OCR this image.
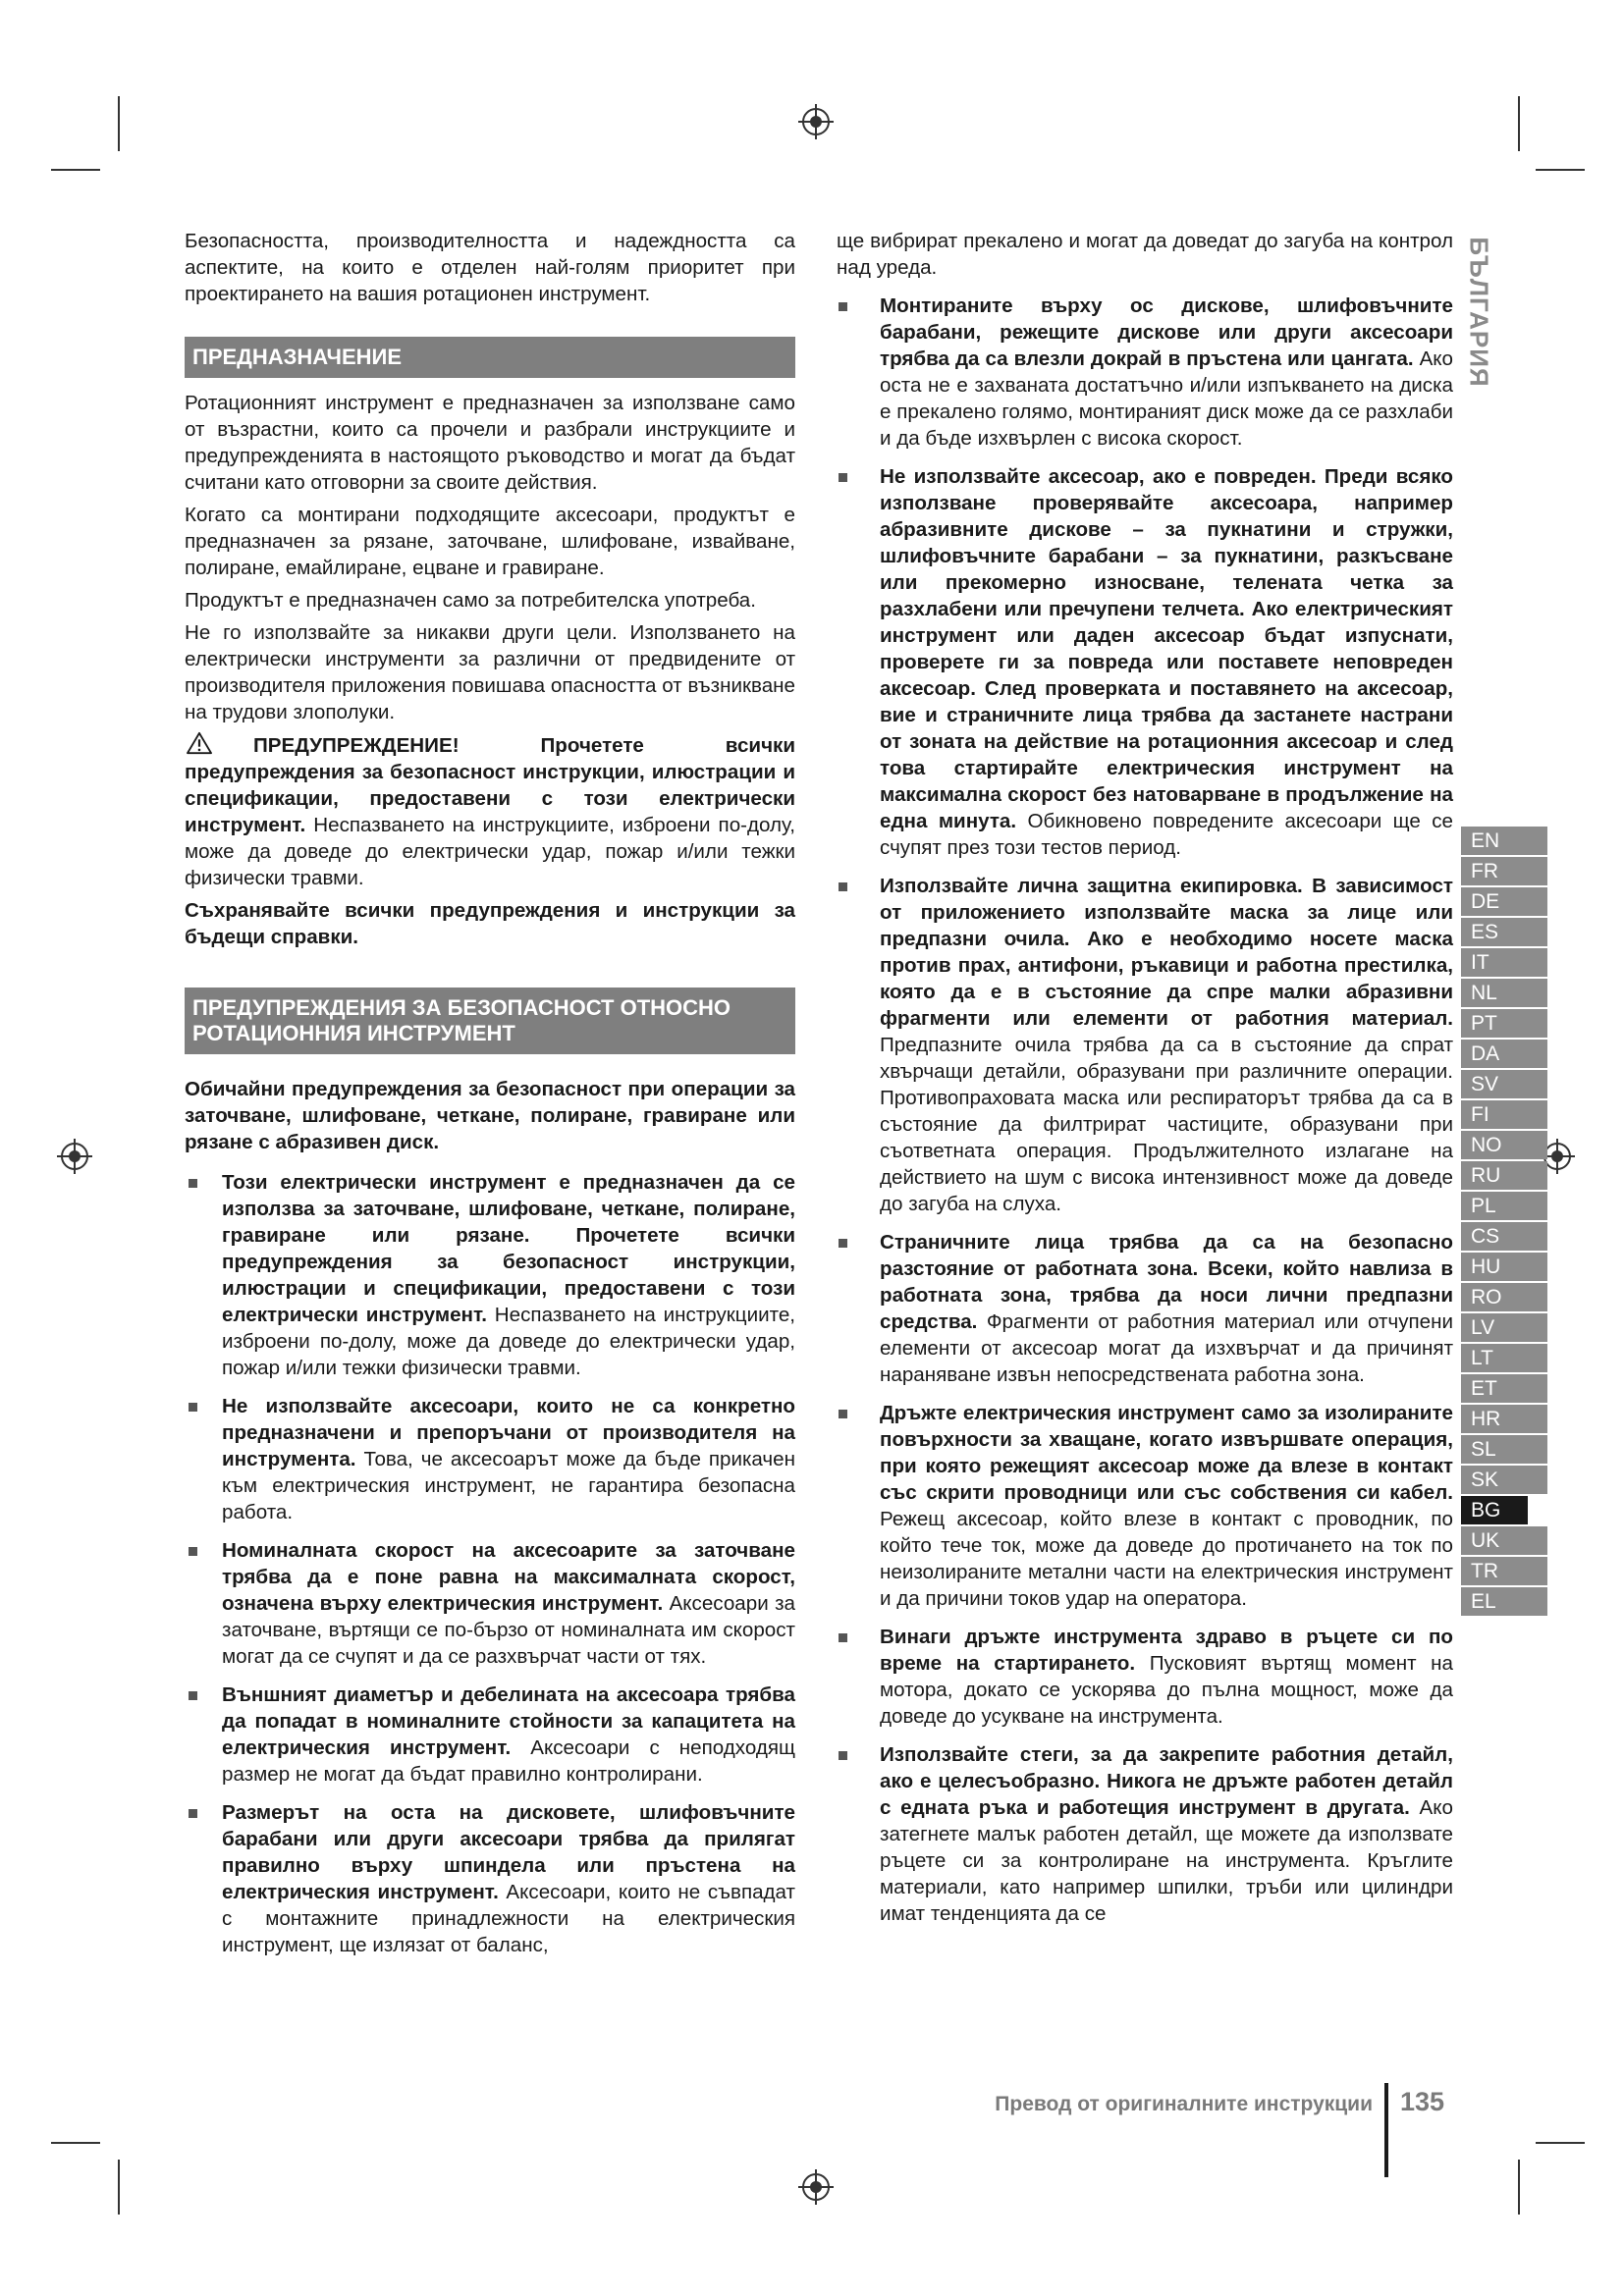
БЪЛГАРИЯ

Безопасността, производителността и надеждността са аспектите, на които е отделен най-голям приоритет при проектирането на вашия ротационен инструмент.

ПРЕДНАЗНАЧЕНИЕ

Ротационният инструмент е предназначен за използване само от възрастни, които са прочели и разбрали инструкциите и предупрежденията в настоящото ръководство и могат да бъдат считани като отговорни за своите действия.

Когато са монтирани подходящите аксесоари, продуктът е предназначен за рязане, заточване, шлифоване, извайване, полиране, емайлиране, ецване и гравиране.

Продуктът е предназначен само за потребителска употреба.

Не го използвайте за никакви други цели. Използването на електрически инструменти за различни от предвидените от производителя приложения повишава опасността от възникване на трудови злополуки.

ПРЕДУПРЕЖДЕНИЕ! Прочетете всички предупреждения за безопасност инструкции, илюстрации и спецификации, предоставени с този електрически инструмент. Неспазването на инструкциите, изброени по-долу, може да доведе до електрически удар, пожар и/или тежки физически травми.

Съхранявайте всички предупреждения и инструкции за бъдещи справки.

ПРЕДУПРЕЖДЕНИЯ ЗА БЕЗОПАСНОСТ ОТНОСНО РОТАЦИОННИЯ ИНСТРУМЕНТ

Обичайни предупреждения за безопасност при операции за заточване, шлифоване, четкане, полиране, гравиране или рязане с абразивен диск.

Този електрически инструмент е предназначен да се използва за заточване, шлифоване, четкане, полиране, гравиране или рязане. Прочетете всички предупреждения за безопасност инструкции, илюстрации и спецификации, предоставени с този електрически инструмент. Неспазването на инструкциите, изброени по-долу, може да доведе до електрически удар, пожар и/или тежки физически травми.
Не използвайте аксесоари, които не са конкретно предназначени и препоръчани от производителя на инструмента. Това, че аксесоарът може да бъде прикачен към електрическия инструмент, не гарантира безопасна работа.
Номиналната скорост на аксесоарите за заточване трябва да е поне равна на максималната скорост, означена върху електрическия инструмент. Аксесоари за заточване, въртящи се по-бързо от номиналната им скорост могат да се счупят и да се разхвърчат части от тях.
Външният диаметър и дебелината на аксесоара трябва да попадат в номиналните стойности за капацитета на електрическия инструмент. Аксесоари с неподходящ размер не могат да бъдат правилно контролирани.
Размерът на оста на дисковете, шлифовъчните барабани или други аксесоари трябва да прилягат правилно върху шпиндела или пръстена на електрическия инструмент. Аксесоари, които не съвпадат с монтажните принадлежности на електрическия инструмент, ще излязат от баланс,

ще вибрират прекалено и могат да доведат до загуба на контрол над уреда.

Монтираните върху ос дискове, шлифовъчните барабани, режещите дискове или други аксесоари трябва да са влезли докрай в пръстена или цангата. Ако оста не е захваната достатъчно и/или изпъкването на диска е прекалено голямо, монтираният диск може да се разхлаби и да бъде изхвърлен с висока скорост.
Не използвайте аксесоар, ако е повреден. Преди всяко използване проверявайте аксесоара, например абразивните дискове – за пукнатини и стружки, шлифовъчните барабани – за пукнатини, разкъсване или прекомерно износване, телената четка за разхлабени или пречупени телчета. Ако електрическият инструмент или даден аксесоар бъдат изпуснати, проверете ги за повреда или поставете неповреден аксесоар. След проверката и поставянето на аксесоар, вие и страничните лица трябва да застанете настрани от зоната на действие на ротационния аксесоар и след това стартирайте електрическия инструмент на максимална скорост без натоварване в продължение на една минута. Обикновено повредените аксесоари ще се счупят през този тестов период.
Използвайте лична защитна екипировка. В зависимост от приложението използвайте маска за лице или предпазни очила. Ако е необходимо носете маска против прах, антифони, ръкавици и работна престилка, която да е в състояние да спре малки абразивни фрагменти или елементи от работния материал. Предпазните очила трябва да са в състояние да спрат хвърчащи детайли, образувани при различните операции. Противопраховата маска или респираторът трябва да са в състояние да филтрират частиците, образувани при съответната операция. Продължителното излагане на действието на шум с висока интензивност може да доведе до загуба на слуха.
Страничните лица трябва да са на безопасно разстояние от работната зона. Всеки, който навлиза в работната зона, трябва да носи лични предпазни средства. Фрагменти от работния материал или отчупени елементи от аксесоар могат да изхвърчат и да причинят нараняване извън непосредствената работна зона.
Дръжте електрическия инструмент само за изолираните повърхности за хващане, когато извършвате операция, при която режещият аксесоар може да влезе в контакт със скрити проводници или със собствения си кабел. Режещ аксесоар, който влезе в контакт с проводник, по който тече ток, може да доведе до протичането на ток по неизолираните метални части на електрическия инструмент и да причини токов удар на оператора.
Винаги дръжте инструмента здраво в ръцете си по време на стартирането. Пусковият въртящ момент на мотора, докато се ускорява до пълна мощност, може да доведе до усукване на инструмента.
Използвайте стеги, за да закрепите работния детайл, ако е целесъобразно. Никога не дръжте работен детайл с едната ръка и работещия инструмент в другата. Ако затегнете малък работен детайл, ще можете да използвате ръцете си за контролиране на инструмента. Кръглите материали, като например шпилки, тръби или цилиндри имат тенденцията да се
EN
FR
DE
ES
IT
NL
PT
DA
SV
FI
NO
RU
PL
CS
HU
RO
LV
LT
ET
HR
SL
SK
BG
UK
TR
EL
Превод от оригиналните инструкции 135
